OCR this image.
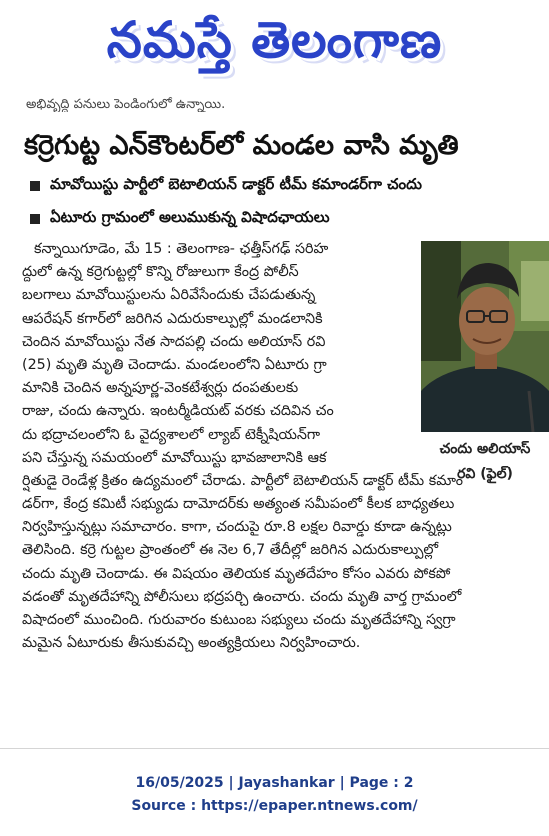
నమస్తే తెలంగాణ
అభివృద్ధి పనులు పెండింగులో ఉన్నాయి.
కర్రెగుట్ట ఎన్‌కౌంటర్‌లో మండల వాసి మృతి
మావోయిస్టు పార్టీలో బెటాలియన్ డాక్టర్ టీమ్ కమాండర్‌గా చందు
ఏటూరు గ్రామంలో అలుముకున్న విషాదఛాయలు
కన్నాయిగూడెం, మే 15 : తెలంగాణ- ఛత్తీస్‌గఢ్ సరిహ
ద్దులో ఉన్న కర్రెగుట్టల్లో కొన్ని రోజులుగా కేంద్ర పోలీస్
బలగాలు మావోయిస్టులను ఏరివేసేందుకు చేపడుతున్న
ఆపరేషన్ కగార్‌లో జరిగిన ఎదురుకాల్పుల్లో మండలానికి
చెందిన మావోయిస్టు నేత సాదపల్లి చందు అలియాస్ రవి
(25) మృతి మృతి చెందాడు. మండలంలోని ఏటూరు గ్రా
మానికి చెందిన అన్నపూర్ణ-వెంకటేశ్వర్లు దంపతులకు
రాజు, చందు ఉన్నారు. ఇంటర్మీడియట్ వరకు చదివిన చం
దు భద్రాచలంలోని ఓ వైద్యశాలలో ల్యాబ్ టెక్నీషియన్‌గా
పని చేస్తున్న సమయంలో మావోయిస్టు భావజాలానికి ఆక
ర్షితుడై రెండేళ్ల క్రితం ఉద్యమంలో చేరాడు. పార్టీలో బెటాలియన్ డాక్టర్ టీమ్ కమాం
డర్‌గా, కేంద్ర కమిటీ సభ్యుడు దామోదర్‌కు అత్యంత సమీపంలో కీలక బాధ్యతలు
నిర్వహిస్తున్నట్లు సమాచారం. కాగా, చందుపై రూ.8 లక్షల రివార్డు కూడా ఉన్నట్లు
తెలిసింది. కర్రె గుట్టల ప్రాంతంలో ఈ నెల 6,7 తేదీల్లో జరిగిన ఎదురుకాల్పుల్లో
చందు మృతి చెందాడు. ఈ విషయం తెలియక మృతదేహం కోసం ఎవరు పోకపో
వడంతో మృతదేహాన్ని పోలీసులు భద్రపర్చి ఉంచారు. చందు మృతి వార్త గ్రామంలో
విషాదంలో ముంచింది. గురువారం కుటుంబ సభ్యులు చందు మృతదేహాన్ని స్వగ్రా
మమైన ఏటూరుకు తీసుకువచ్చి అంత్యక్రియలు నిర్వహించారు.
చందు అలియాస్
రవి (ఫైల్)
16/05/2025 | Jayashankar | Page : 2
Source : https://epaper.ntnews.com/
